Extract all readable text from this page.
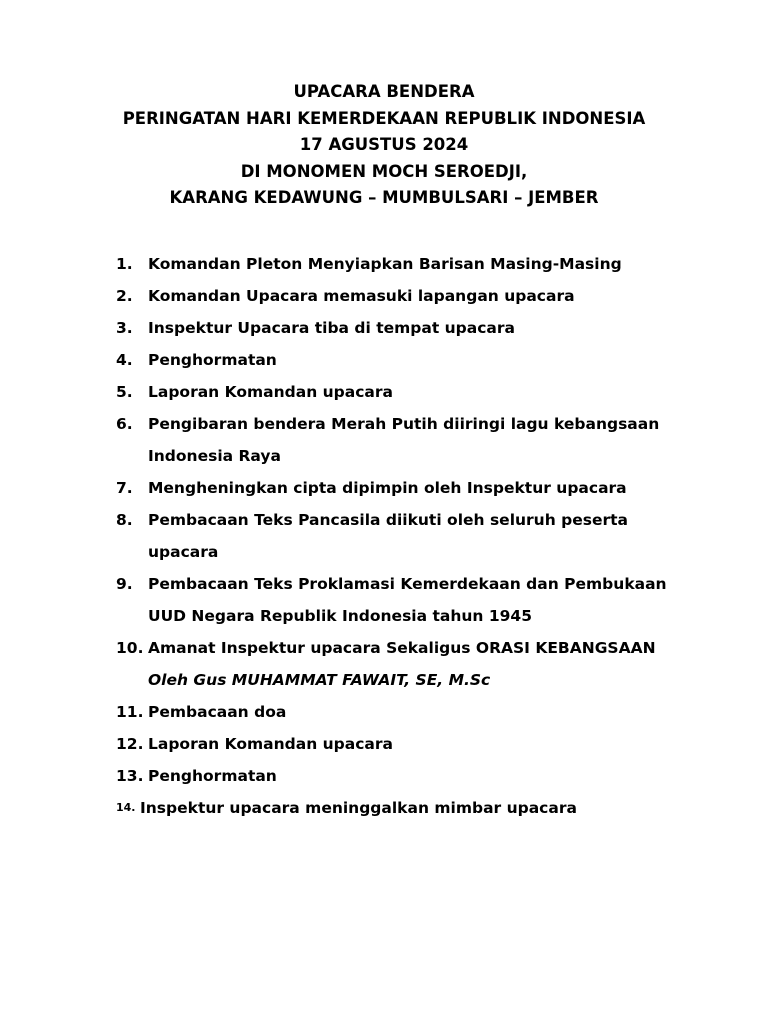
UPACARA BENDERA
PERINGATAN HARI KEMERDEKAAN REPUBLIK INDONESIA
17 AGUSTUS 2024
DI MONOMEN MOCH SEROEDJI,
KARANG KEDAWUNG – MUMBULSARI – JEMBER
1. Komandan Pleton Menyiapkan Barisan Masing-Masing
2. Komandan Upacara memasuki lapangan upacara
3. Inspektur Upacara tiba di tempat upacara
4. Penghormatan
5. Laporan Komandan upacara
6. Pengibaran bendera Merah Putih diiringi lagu kebangsaan
Indonesia Raya
7. Mengheningkan cipta dipimpin oleh Inspektur upacara
8. Pembacaan Teks Pancasila diikuti oleh seluruh peserta
upacara
9. Pembacaan Teks Proklamasi Kemerdekaan dan Pembukaan
UUD Negara Republik Indonesia tahun 1945
10. Amanat Inspektur upacara Sekaligus ORASI KEBANGSAAN
Oleh Gus MUHAMMAT FAWAIT, SE, M.Sc
11. Pembacaan doa
12. Laporan Komandan upacara
13. Penghormatan
14. Inspektur upacara meninggalkan mimbar upacara
